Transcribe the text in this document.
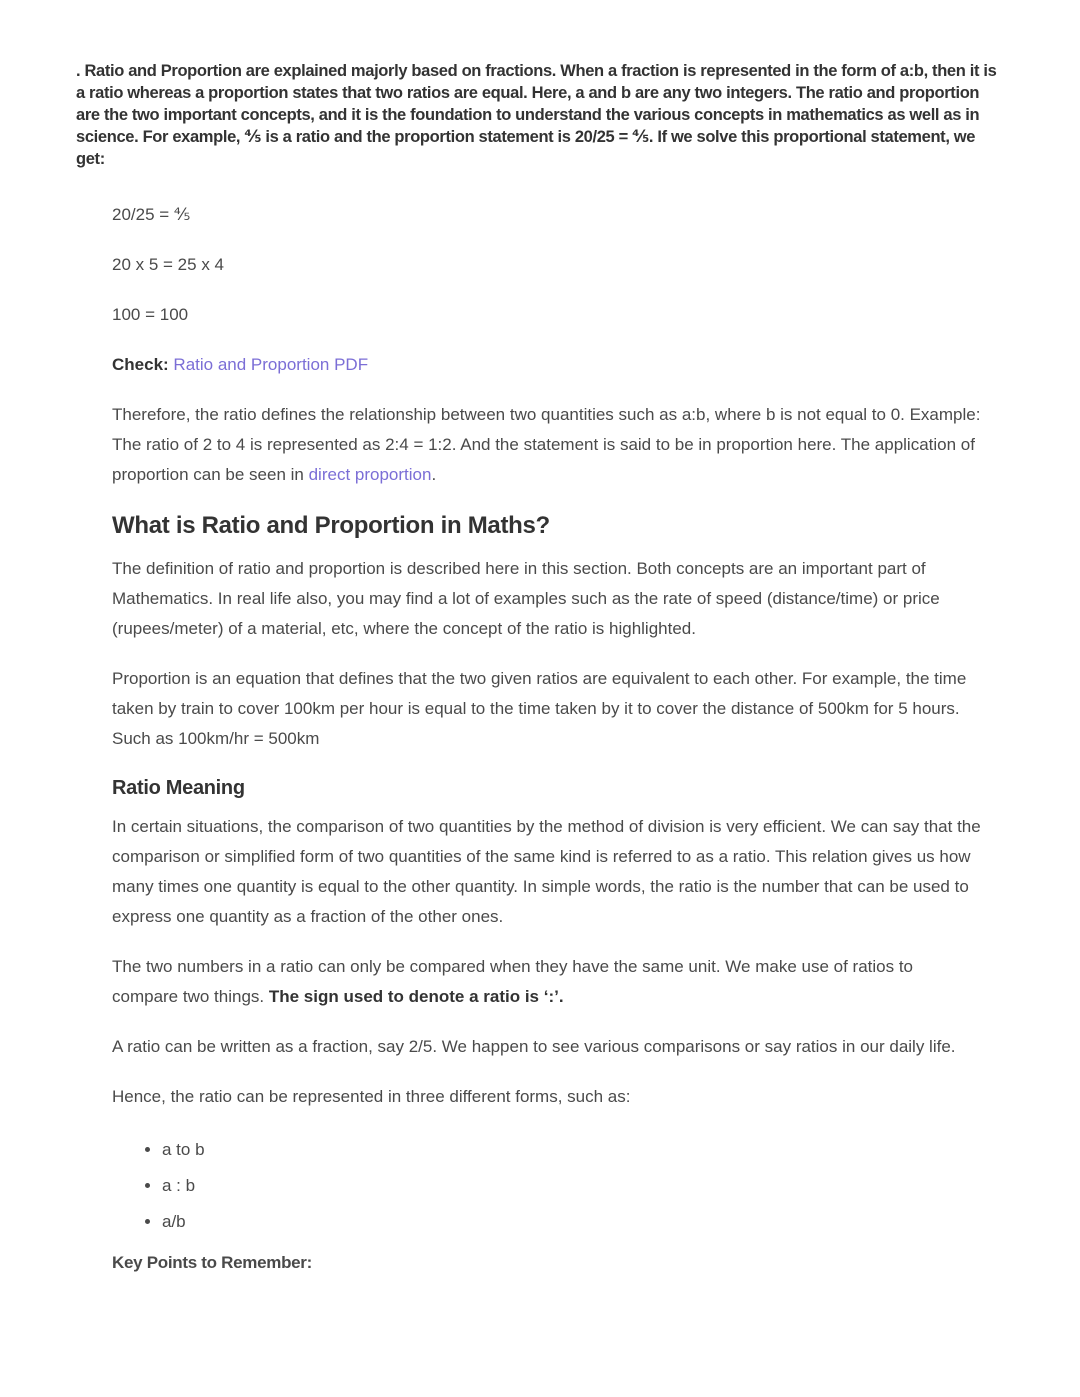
. Ratio and Proportion are explained majorly based on fractions. When a fraction is represented in the form of a:b, then it is a ratio whereas a proportion states that two ratios are equal. Here, a and b are any two integers. The ratio and proportion are the two important concepts, and it is the foundation to understand the various concepts in mathematics as well as in science. For example, ⅘ is a ratio and the proportion statement is 20/25 = ⅘. If we solve this proportional statement, we get:

20/25 = ⅘

20 x 5 = 25 x 4

100 = 100

Check: Ratio and Proportion PDF

Therefore, the ratio defines the relationship between two quantities such as a:b, where b is not equal to 0. Example: The ratio of 2 to 4 is represented as 2:4 = 1:2. And the statement is said to be in proportion here. The application of proportion can be seen in direct proportion.

What is Ratio and Proportion in Maths?

The definition of ratio and proportion is described here in this section. Both concepts are an important part of Mathematics. In real life also, you may find a lot of examples such as the rate of speed (distance/time) or price (rupees/meter) of a material, etc, where the concept of the ratio is highlighted.

Proportion is an equation that defines that the two given ratios are equivalent to each other. For example, the time taken by train to cover 100km per hour is equal to the time taken by it to cover the distance of 500km for 5 hours. Such as 100km/hr = 500km

Ratio Meaning

In certain situations, the comparison of two quantities by the method of division is very efficient. We can say that the comparison or simplified form of two quantities of the same kind is referred to as a ratio. This relation gives us how many times one quantity is equal to the other quantity. In simple words, the ratio is the number that can be used to express one quantity as a fraction of the other ones.

The two numbers in a ratio can only be compared when they have the same unit. We make use of ratios to compare two things. The sign used to denote a ratio is ‘:’.

A ratio can be written as a fraction, say 2/5. We happen to see various comparisons or say ratios in our daily life.

Hence, the ratio can be represented in three different forms, such as:

• a to b
• a : b
• a/b

Key Points to Remember:
